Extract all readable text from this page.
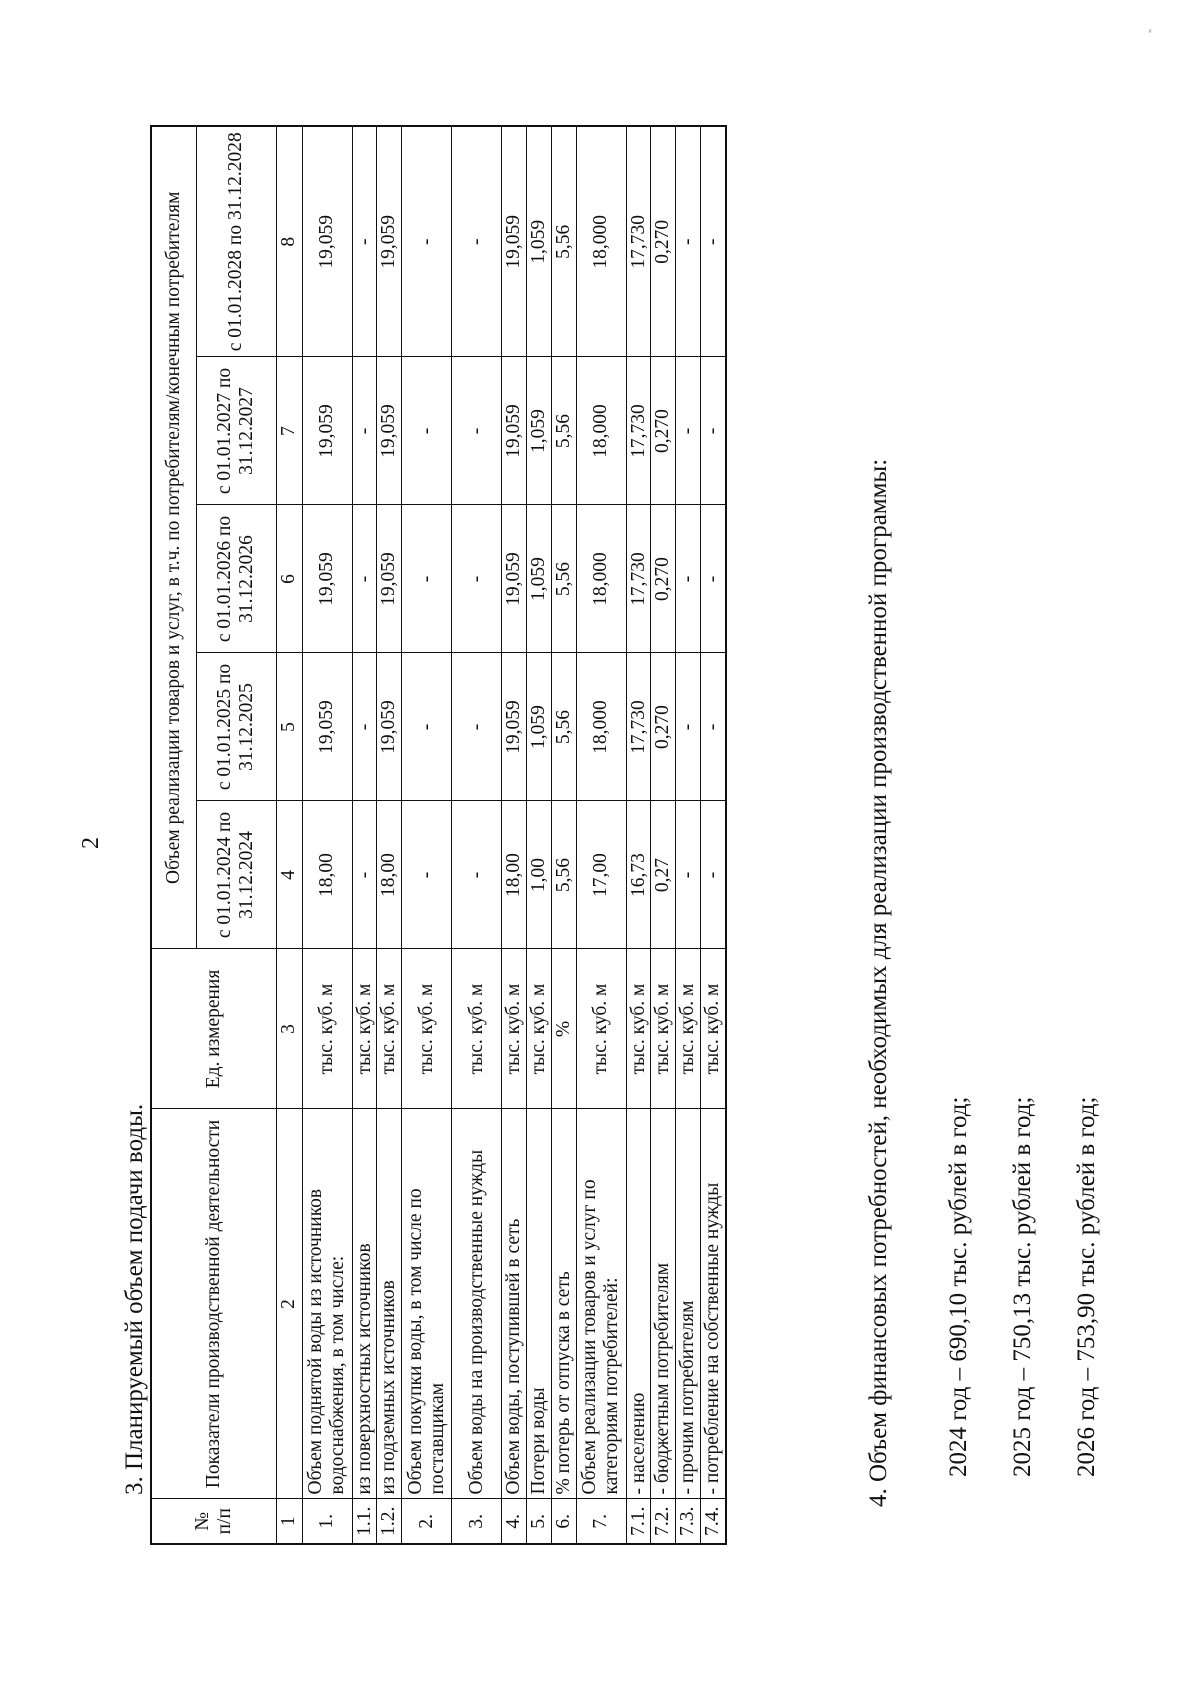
2
"
3. Планируемый объем подачи воды.
№ п/п	Показатели производственной деятельности	Ед. измерения	Объем реализации товаров и услуг, в т.ч. по потребителям/конечным потребителям				
			с 01.01.2024 по 31.12.2024	с 01.01.2025 по 31.12.2025	с 01.01.2026 по 31.12.2026	с 01.01.2027 по 31.12.2027	с 01.01.2028 по 31.12.2028
1	2	3	4	5	6	7	8
1.	Объем поднятой воды из источников водоснабжения, в том числе:	тыс. куб. м	18,00	19,059	19,059	19,059	19,059
1.1.	из поверхностных источников	тыс. куб. м	-	-	-	-	-
1.2.	из подземных источников	тыс. куб. м	18,00	19,059	19,059	19,059	19,059
2.	Объем покупки воды, в том числе по поставщикам	тыс. куб. м	-	-	-	-	-
3.	Объем воды на производственные нужды	тыс. куб. м	-	-	-	-	-
4.	Объем воды, поступившей в сеть	тыс. куб. м	18,00	19,059	19,059	19,059	19,059
5.	Потери воды	тыс. куб. м	1,00	1,059	1,059	1,059	1,059
6.	% потерь от отпуска в сеть	%	5,56	5,56	5,56	5,56	5,56
7.	Объем реализации товаров и услуг по категориям потребителей:	тыс. куб. м	17,00	18,000	18,000	18,000	18,000
7.1.	- населению	тыс. куб. м	16,73	17,730	17,730	17,730	17,730
7.2.	- бюджетным потребителям	тыс. куб. м	0,27	0,270	0,270	0,270	0,270
7.3.	- прочим потребителям	тыс. куб. м	-	-	-	-	-
7.4.	- потребление на собственные нужды	тыс. куб. м	-	-	-	-	-
4. Объем финансовых потребностей, необходимых для реализации производственной программы: 2024 год – 690,10 тыс. рублей в год; 2025 год – 750,13 тыс. рублей в год; 2026 год – 753,90 тыс. рублей в год;
